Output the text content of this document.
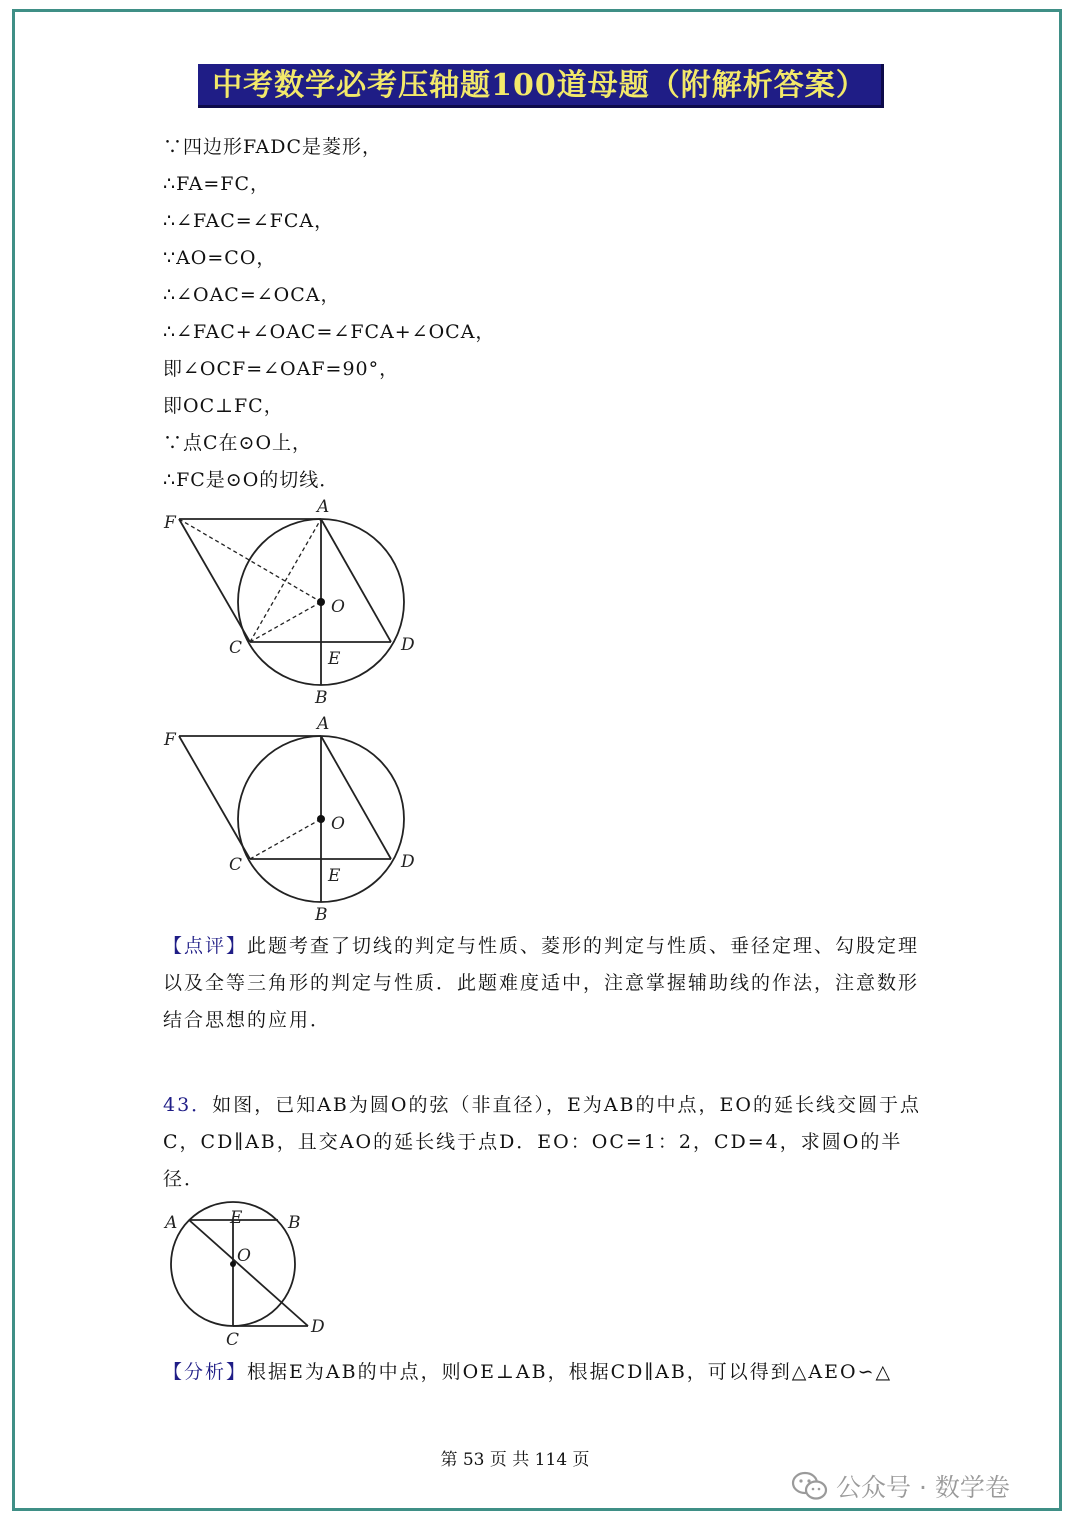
中考数学必考压轴题100道母题（附解析答案）
∵四边形FADC是菱形，
∴FA=FC，
∴∠FAC=∠FCA，
∵AO=CO，
∴∠OAC=∠OCA，
∴∠FAC+∠OAC=∠FCA+∠OCA，
即∠OCF=∠OAF=90°，
即OC⊥FC，
∵点C在⊙O上，
∴FC是⊙O的切线．
F
A
O
C	D
E
B
F
A
O
C	D
E
B
【点评】此题考查了切线的判定与性质、菱形的判定与性质、垂径定理、勾股定理以及全等三角形的判定与性质．此题难度适中，注意掌握辅助线的作法，注意数形结合思想的应用．
43．如图，已知AB为圆O的弦（非直径），E为AB的中点，EO的延长线交圆于点C，CD∥AB，且交AO的延长线于点D．EO：OC=1：2，CD=4，求圆O的半径．
A	E	B
O
C
D
【分析】根据E为AB的中点，则OE⊥AB，根据CD∥AB，可以得到△AEO∽△
第 53 页 共 114 页
公众号 · 数学卷
